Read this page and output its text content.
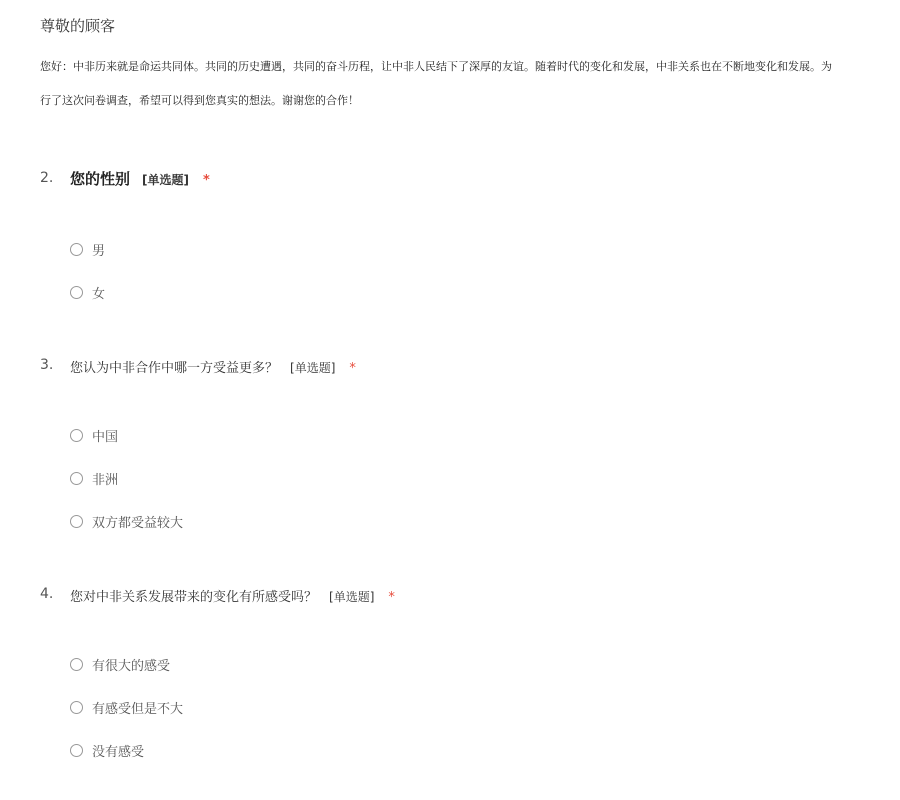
尊敬的顾客
您好：中非历来就是命运共同体。共同的历史遭遇，共同的奋斗历程，让中非人民结下了深厚的友谊。随着时代的变化和发展，中非关系也在不断地变化和发展。为
行了这次问卷调查，希望可以得到您真实的想法。谢谢您的合作！
2. 您的性别 [单选题] *
男
女
3. 您认为中非合作中哪一方受益更多？ [单选题] *
中国
非洲
双方都受益较大
4. 您对中非关系发展带来的变化有所感受吗？ [单选题] *
有很大的感受
有感受但是不大
没有感受
